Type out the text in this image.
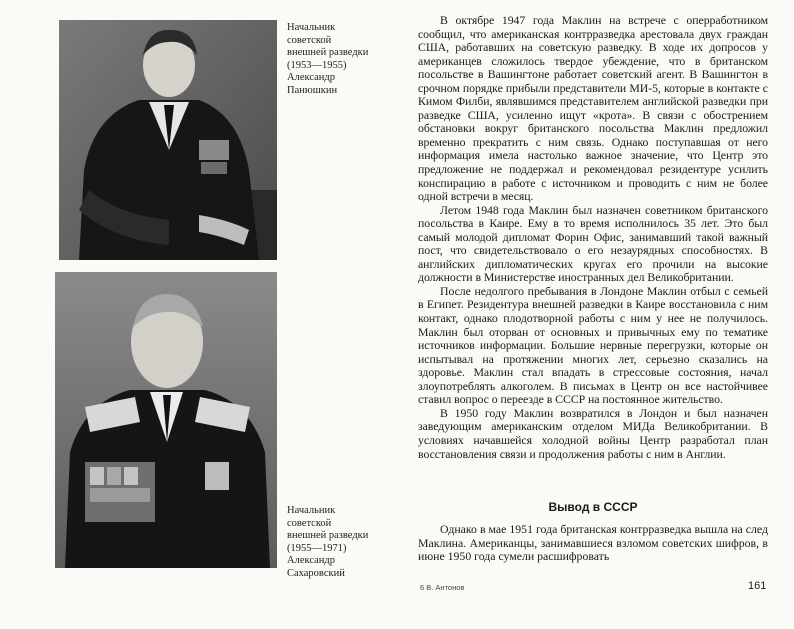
Начальник
советской
внешней разведки
(1953—1955)
Александр
Панюшкин
Начальник
советской
внешней разведки
(1955—1971)
Александр
Сахаровский

В октябре 1947 года Маклин на встрече с оперработником сообщил, что американская контрразведка арестовала двух граждан США, работавших на советскую разведку. В ходе их допросов у американцев сложилось твердое убеждение, что в британском посольстве в Вашингтоне работает советский агент. В Вашингтон в срочном порядке прибыли представители МИ-5, которые в контакте с Кимом Филби, являвшимся представителем английской разведки при разведке США, усиленно ищут «крота». В связи с обострением обстановки вокруг британского посольства Маклин предложил временно прекратить с ним связь. Однако поступавшая от него информация имела настолько важное значение, что Центр это предложение не поддержал и рекомендовал резидентуре усилить конспирацию в работе с источником и проводить с ним не более одной встречи в месяц.

Летом 1948 года Маклин был назначен советником британского посольства в Каире. Ему в то время исполнилось 35 лет. Это был самый молодой дипломат Форин Офис, занимавший такой важный пост, что свидетельствовало о его незаурядных способностях. В английских дипломатических кругах его прочили на высокие должности в Министерстве иностранных дел Великобритании.

После недолгого пребывания в Лондоне Маклин отбыл с семьей в Египет. Резидентура внешней разведки в Каире восстановила с ним контакт, однако плодотворной работы с ним у нее не получилось. Маклин был оторван от основных и привычных ему по тематике источников информации. Большие нервные перегрузки, которые он испытывал на протяжении многих лет, серьезно сказались на здоровье. Маклин стал впадать в стрессовые состояния, начал злоупотреблять алкоголем. В письмах в Центр он все настойчивее ставил вопрос о переезде в СССР на постоянное жительство.

В 1950 году Маклин возвратился в Лондон и был назначен заведующим американским отделом МИДа Великобритании. В условиях начавшейся холодной войны Центр разработал план восстановления связи и продолжения работы с ним в Англии.

Вывод в СССР

Однако в мае 1951 года британская контрразведка вышла на след Маклина. Американцы, занимавшиеся взломом советских шифров, в июне 1950 года сумели расшифровать

6 В. Антонов	161
